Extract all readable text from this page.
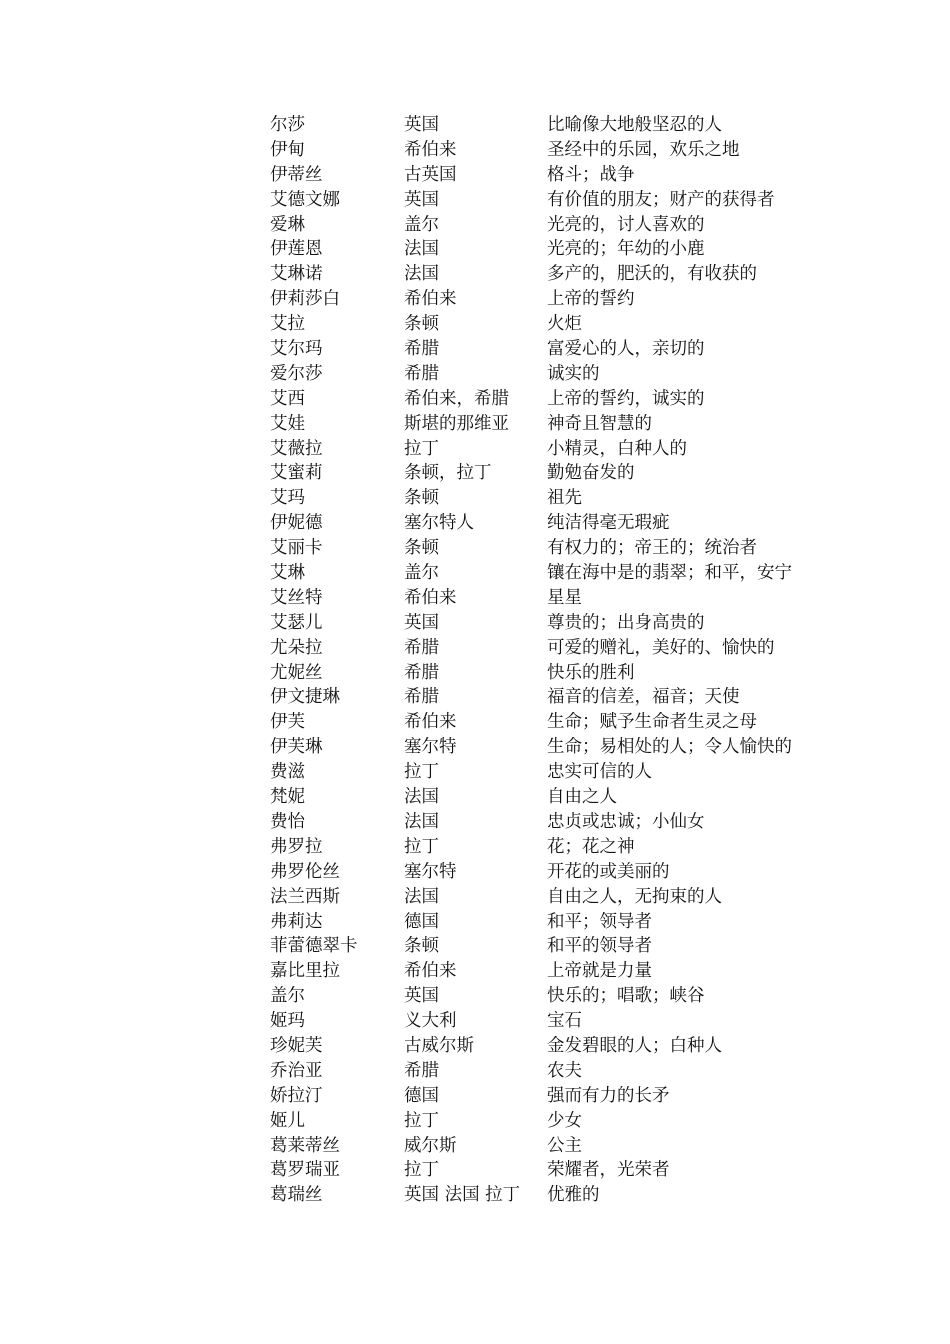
尔莎	英国	比喻像大地般坚忍的人
伊甸	希伯来	圣经中的乐园，欢乐之地
伊蒂丝	古英国	格斗；战争
艾德文娜	英国	有价值的朋友；财产的获得者
爱琳	盖尔	光亮的，讨人喜欢的
伊莲恩	法国	光亮的；年幼的小鹿
艾琳诺	法国	多产的，肥沃的，有收获的
伊莉莎白	希伯来	上帝的誓约
艾拉	条顿	火炬
艾尔玛	希腊	富爱心的人，亲切的
爱尔莎	希腊	诚实的
艾西	希伯来，希腊	上帝的誓约，诚实的
艾娃	斯堪的那维亚	神奇且智慧的
艾薇拉	拉丁	小精灵，白种人的
艾蜜莉	条顿，拉丁	勤勉奋发的
艾玛	条顿	祖先
伊妮德	塞尔特人	纯洁得毫无瑕疵
艾丽卡	条顿	有权力的；帝王的；统治者
艾琳	盖尔	镶在海中是的翡翠；和平，安宁
艾丝特	希伯来	星星
艾瑟儿	英国	尊贵的；出身高贵的
尤朵拉	希腊	可爱的赠礼，美好的、愉快的
尤妮丝	希腊	快乐的胜利
伊文捷琳	希腊	福音的信差，福音；天使
伊芙	希伯来	生命；赋予生命者生灵之母
伊芙琳	塞尔特	生命；易相处的人；令人愉快的
费滋	拉丁	忠实可信的人
梵妮	法国	自由之人
费怡	法国	忠贞或忠诚；小仙女
弗罗拉	拉丁	花；花之神
弗罗伦丝	塞尔特	开花的或美丽的
法兰西斯	法国	自由之人，无拘束的人
弗莉达	德国	和平；领导者
菲蕾德翠卡	条顿	和平的领导者
嘉比里拉	希伯来	上帝就是力量
盖尔	英国	快乐的；唱歌；峡谷
姬玛	义大利	宝石
珍妮芙	古威尔斯	金发碧眼的人；白种人
乔治亚	希腊	农夫
娇拉汀	德国	强而有力的长矛
姬儿	拉丁	少女
葛莱蒂丝	威尔斯	公主
葛罗瑞亚	拉丁	荣耀者，光荣者
葛瑞丝	英国 法国 拉丁	优雅的
